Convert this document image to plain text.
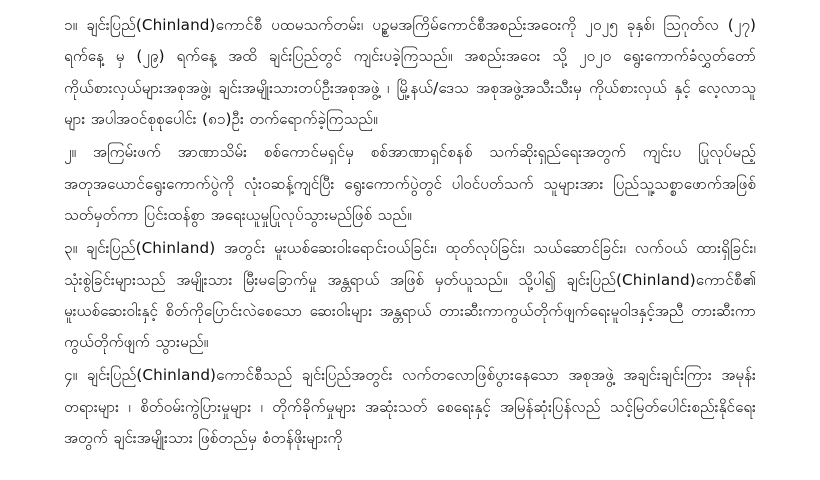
၁။ ချင်းပြည်(Chinland)ကောင်စီ ပထမသက်တမ်း၊ ပဉ္စမအကြိမ်ကောင်စီအစည်းအဝေးကို ၂၀၂၅ ခုနှစ်၊ ဩဂုတ်လ (၂၇) ရက်နေ့ မှ (၂၉) ရက်နေ့ အထိ ချင်းပြည်တွင် ကျင်းပခဲ့ကြသည်။ အစည်းအဝေး သို့ ၂၀၂၀ ရွေးကောက်ခံလွှတ်တော်ကိုယ်စားလှယ်များအစုအဖွဲ့၊ ချင်းအမျိုးသားတပ်ဦးအစုအဖွဲ့ ၊ မြို့နယ်/ဒေသ အစုအဖွဲ့အသီးသီးမှ ကိုယ်စားလှယ် နှင့် လေ့လာသူများ အပါအဝင်စုစုပေါင်း (၈၁)ဦး တက်ရောက်ခဲ့ကြသည်။

၂။ အကြမ်းဖက် အာဏာသိမ်း စစ်ကောင်မရှင်မှ စစ်အာဏာရှင်စနစ် သက်ဆိုးရှည်ရေးအတွက် ကျင်းပ ပြုလုပ်မည့် အတုအယောင်ရွေးကောက်ပွဲကို လုံးဝဆန့်ကျင်ပြီး ရွေးကောက်ပွဲတွင် ပါဝင်ပတ်သက် သူများအား ပြည်သူ့သစ္စာဖောက်အဖြစ် သတ်မှတ်ကာ ပြင်းထန်စွာ အရေးယူမှုပြုလုပ်သွားမည်ဖြစ် သည်။

၃။ ချင်းပြည်(Chinland) အတွင်း မူးယစ်ဆေးဝါးရောင်းဝယ်ခြင်း၊ ထုတ်လုပ်ခြင်း၊ သယ်ဆောင်ခြင်း၊ လက်ဝယ် ထားရှိခြင်း၊ သုံးစွဲခြင်းများသည် အမျိုးသား မြီးမခြောက်မှု အန္တရာယ် အဖြစ် မှတ်ယူသည်။ သို့ပါ၍ ချင်းပြည်(Chinland)ကောင်စီ၏ မူးယစ်ဆေးဝါးနှင့် စိတ်ကိုပြောင်းလဲစေသော ဆေးဝါးများ အန္တရာယ် တားဆီးကာကွယ်တိုက်ဖျက်ရေးမူဝါဒနှင့်အညီ တားဆီးကာကွယ်တိုက်ဖျက် သွားမည်။

၄။ ချင်းပြည်(Chinland)ကောင်စီသည် ချင်းပြည်အတွင်း လက်တလောဖြစ်ပွားနေသော အစုအဖွဲ့ အချင်းချင်းကြား အမုန်းတရားများ ၊ စိတ်ဝမ်းကွဲပြားမှုများ ၊ တိုက်ခိုက်မှုများ အဆုံးသတ် စေရေးနှင့် အမြန်ဆုံးပြန်လည် သင့်မြတ်ပေါင်းစည်းနိုင်ရေးအတွက် ချင်းအမျိုးသား ဖြစ်တည်မှ စံတန်ဖိုးများကို
